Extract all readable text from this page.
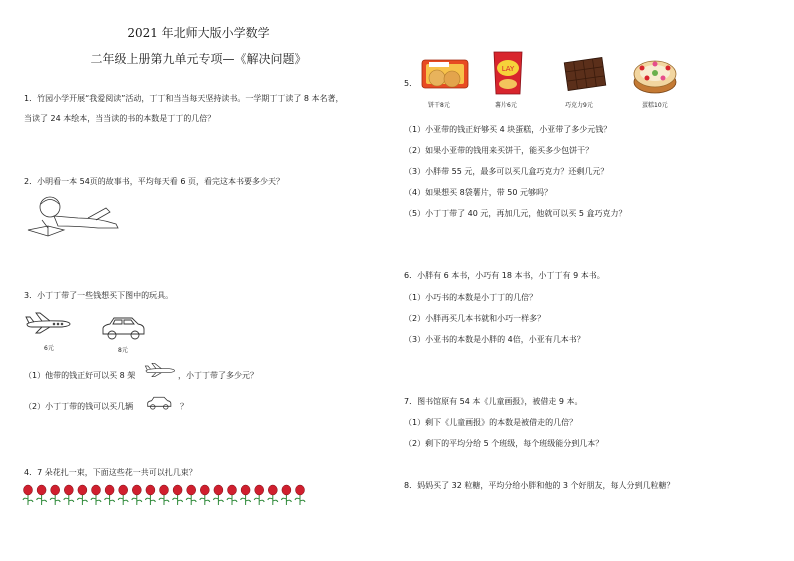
2021 年北师大版小学数学
二年级上册第九单元专项—《解决问题》
1．竹园小学开展“我爱阅读”活动，丁丁和当当每天坚持读书。一学期丁丁读了 8 本名著，
当读了 24 本绘本，当当读的书的本数是丁丁的几倍？
2．小明看一本 54页的故事书，平均每天看 6 页，看完这本书要多少天？
3．小丁丁带了一些钱想买下图中的玩具。
6元	8元
（1）他带的钱正好可以买 8 架	，小丁丁带了多少元？
（2）小丁丁带的钱可以买几辆	？
4．7 朵花扎一束，下面这些花一共可以扎几束？
5．
饼干8元
LAY
薯片6元	巧克力9元	蛋糕10元
（1）小亚带的钱正好够买 4 块蛋糕，小亚带了多少元钱？
（2）如果小亚带的钱用来买饼干，能买多少包饼干？
（3）小胖带 55 元，最多可以买几盒巧克力？还剩几元？
（4）如果想买 8袋薯片，带 50 元够吗？
（5）小丁丁带了 40 元，再加几元，他就可以买 5 盒巧克力？
6．小胖有 6 本书，小巧有 18 本书，小丁丁有 9 本书。
（1）小巧书的本数是小丁丁的几倍？
（2）小胖再买几本书就和小巧一样多？
（3）小亚书的本数是小胖的 4倍，小亚有几本书？
7．图书馆原有 54 本《儿童画报》，被借走 9 本。
（1）剩下《儿童画报》的本数是被借走的几倍？
（2）剩下的平均分给 5 个班级，每个班级能分到几本？
8．妈妈买了 32 粒糖，平均分给小胖和他的 3 个好朋友，每人分到几粒糖？
